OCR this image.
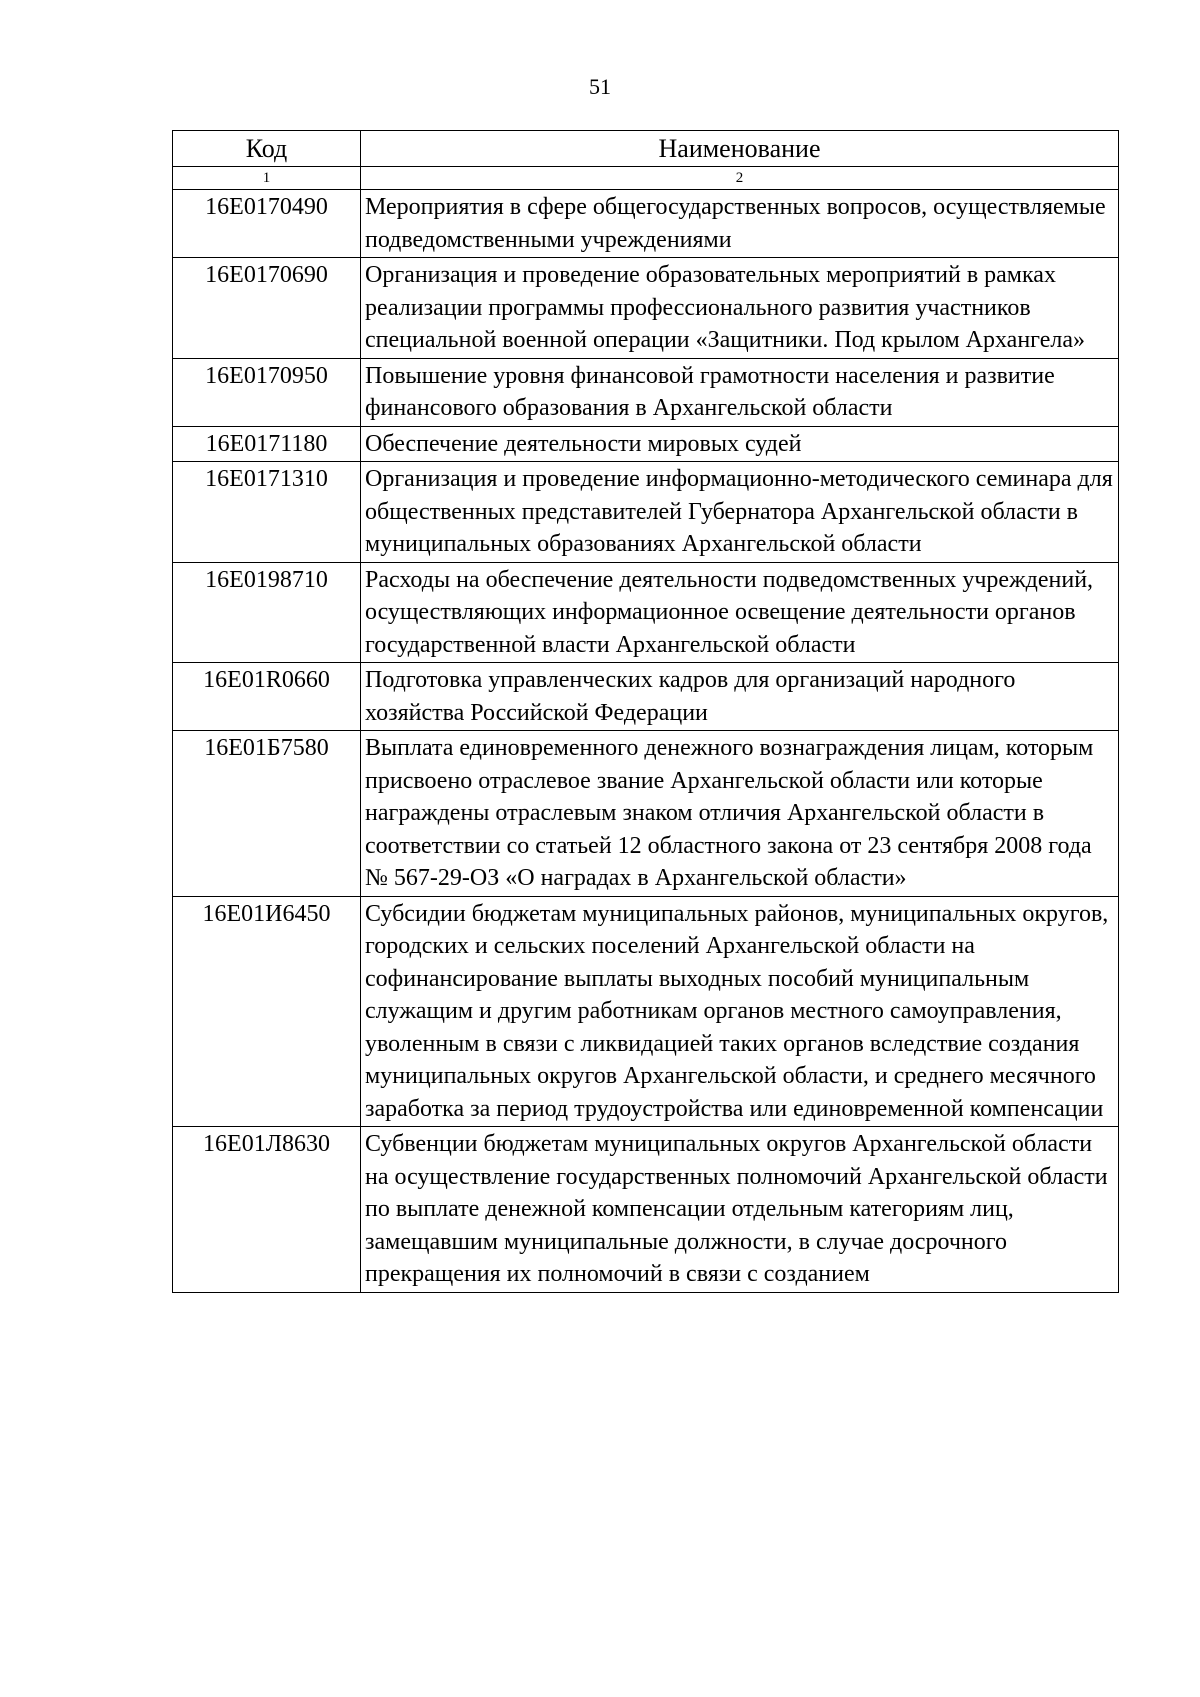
51
Код	Наименование
1	2
16Е0170490	Мероприятия в сфере общегосударственных вопросов, осуществляемые подведомственными учреждениями
16Е0170690	Организация и проведение образовательных мероприятий в рамках реализации программы профессионального развития участников специальной военной операции «Защитники. Под крылом Архангела»
16Е0170950	Повышение уровня финансовой грамотности населения и развитие финансового образования в Архангельской области
16Е0171180	Обеспечение деятельности мировых судей
16Е0171310	Организация и проведение информационно-методического семинара для общественных представителей Губернатора Архангельской области в муниципальных образованиях Архангельской области
16Е0198710	Расходы на обеспечение деятельности подведомственных учреждений, осуществляющих информационное освещение деятельности органов государственной власти Архангельской области
16Е01R0660	Подготовка управленческих кадров для организаций народного хозяйства Российской Федерации
16Е01Б7580	Выплата единовременного денежного вознаграждения лицам, которым присвоено отраслевое звание Архангельской области или которые награждены отраслевым знаком отличия Архангельской области в соответствии со статьей 12 областного закона от 23 сентября 2008 года № 567-29-ОЗ «О наградах в Архангельской области»
16Е01И6450	Субсидии бюджетам муниципальных районов, муниципальных округов, городских и сельских поселений Архангельской области на софинансирование выплаты выходных пособий муниципальным служащим и другим работникам органов местного самоуправления, уволенным в связи с ликвидацией таких органов вследствие создания муниципальных округов Архангельской области, и среднего месячного заработка за период трудоустройства или единовременной компенсации
16Е01Л8630	Субвенции бюджетам муниципальных округов Архангельской области на осуществление государственных полномочий Архангельской области по выплате денежной компенсации отдельным категориям лиц, замещавшим муниципальные должности, в случае досрочного прекращения их полномочий в связи с созданием
